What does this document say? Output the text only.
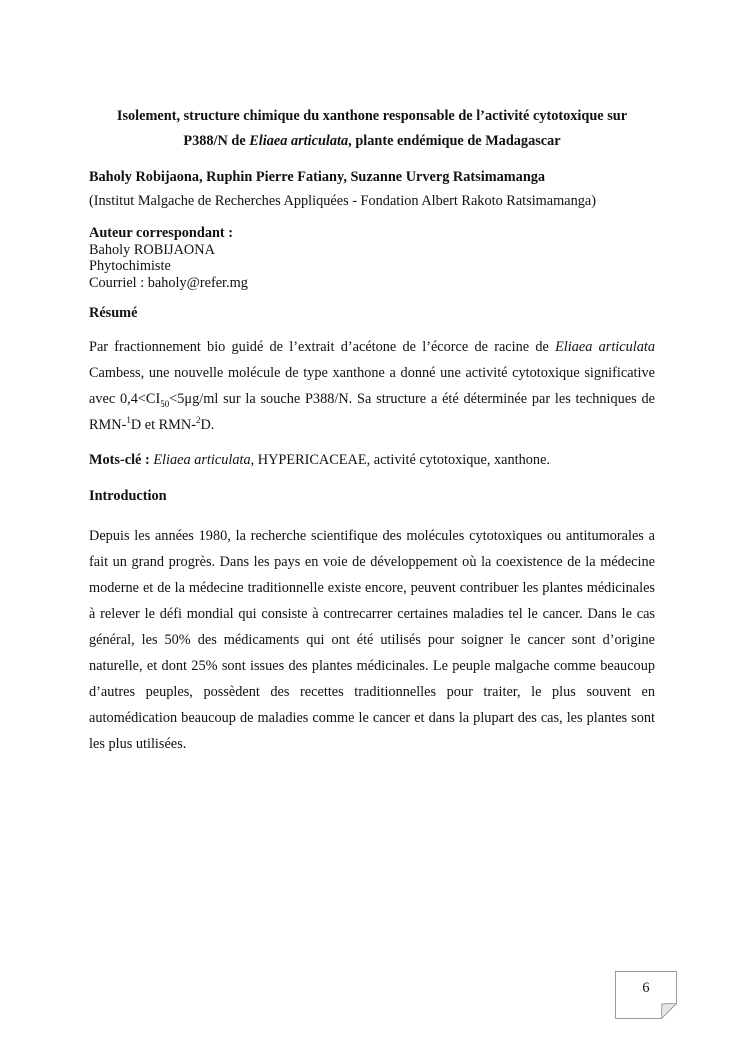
Isolement, structure chimique du xanthone responsable de l’activité cytotoxique sur
P388/N de Eliaea articulata, plante endémique de Madagascar
Baholy Robijaona, Ruphin Pierre Fatiany, Suzanne Urverg Ratsimamanga
(Institut Malgache de Recherches Appliquées - Fondation Albert Rakoto Ratsimamanga)
Auteur correspondant :
Baholy ROBIJAONA
Phytochimiste
Courriel : baholy@refer.mg
Résumé
Par fractionnement bio guidé de l’extrait d’acétone de l’écorce de racine de Eliaea articulata Cambess, une nouvelle molécule de type xanthone a donné une activité cytotoxique significative avec $0,4<CI_{50}<5\mu g/ml$ sur la souche P388/N. Sa structure a été déterminée par les techniques de RMN-$^1$D et RMN-$^2$D.
Mots-clé : Eliaea articulata, HYPERICACEAE, activité cytotoxique, xanthone.
Introduction
Depuis les années 1980, la recherche scientifique des molécules cytotoxiques ou antitumorales a fait un grand progrès. Dans les pays en voie de développement où la coexistence de la médecine moderne et de la médecine traditionnelle existe encore, peuvent contribuer les plantes médicinales à relever le défi mondial qui consiste à contrecarrer certaines maladies tel le cancer. Dans le cas général, les 50% des médicaments qui ont été utilisés pour soigner le cancer sont d’origine naturelle, et dont 25% sont issues des plantes médicinales. Le peuple malgache comme beaucoup d’autres peuples, possèdent des recettes traditionnelles pour traiter, le plus souvent en automédication beaucoup de maladies comme le cancer et dans la plupart des cas, les plantes sont les plus utilisées.
6
